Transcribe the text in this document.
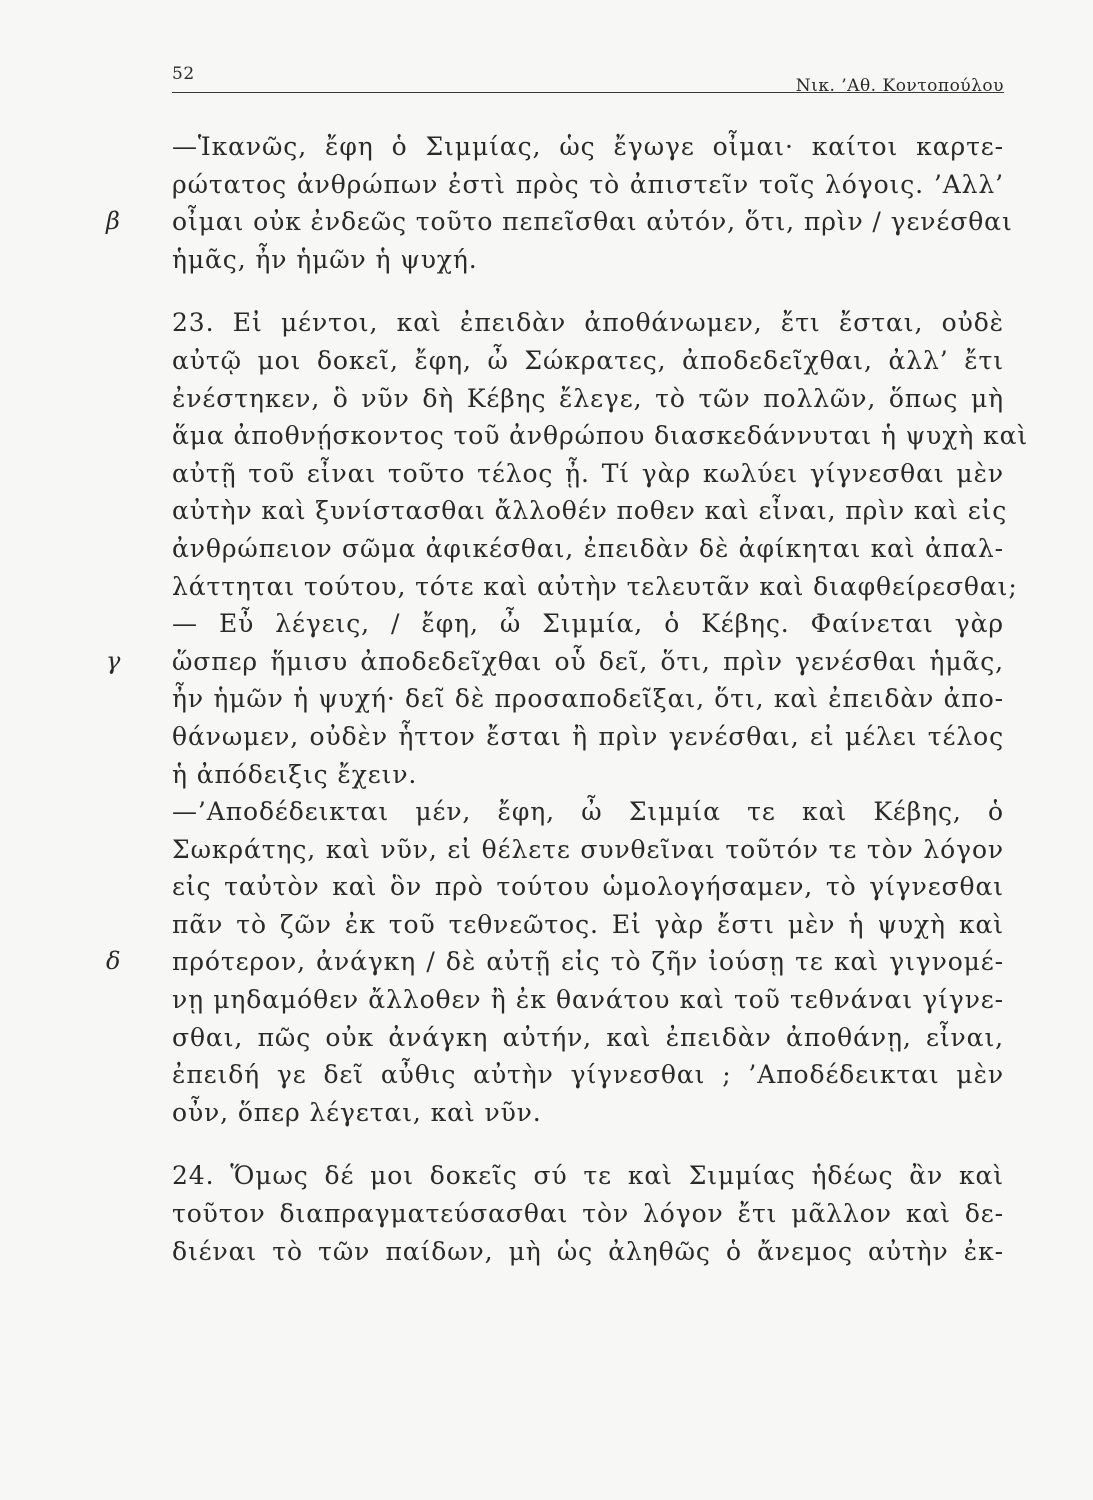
52
Νικ. ’Αθ. Κοντοπούλου
—Ἱκανῶς, ἔφη ὁ Σιμμίας, ὡς ἔγωγε οἶμαι· καίτοι καρτε-
ρώτατος ἀνθρώπων ἐστὶ πρὸς τὸ ἀπιστεῖν τοῖς λόγοις. ’Αλλ’
οἶμαι οὐκ ἐνδεῶς τοῦτο πεπεῖσθαι αὐτόν, ὅτι, πρὶν / γενέσθαι
β
ἡμᾶς, ἦν ἡμῶν ἡ ψυχή.
23. Εἰ μέντοι, καὶ ἐπειδὰν ἀποθάνωμεν, ἔτι ἔσται, οὐδὲ
αὐτῷ μοι δοκεῖ, ἔφη, ὦ Σώκρατες, ἀποδεδεῖχθαι, ἀλλ’ ἔτι
ἐνέστηκεν, ὃ νῦν δὴ Κέβης ἔλεγε, τὸ τῶν πολλῶν, ὅπως μὴ
ἅμα ἀποθνῄσκοντος τοῦ ἀνθρώπου διασκεδάννυται ἡ ψυχὴ καὶ
αὐτῇ τοῦ εἶναι τοῦτο τέλος ᾖ. Τί γὰρ κωλύει γίγνεσθαι μὲν
αὐτὴν καὶ ξυνίστασθαι ἄλλοθέν ποθεν καὶ εἶναι, πρὶν καὶ εἰς
ἀνθρώπειον σῶμα ἀφικέσθαι, ἐπειδὰν δὲ ἀφίκηται καὶ ἀπαλ-
λάττηται τούτου, τότε καὶ αὐτὴν τελευτᾶν καὶ διαφθείρεσθαι;
— Εὖ λέγεις, / ἔφη, ὦ Σιμμία, ὁ Κέβης. Φαίνεται γὰρ
ὥσπερ ἥμισυ ἀποδεδεῖχθαι οὗ δεῖ, ὅτι, πρὶν γενέσθαι ἡμᾶς,
γ
ἦν ἡμῶν ἡ ψυχή· δεῖ δὲ προσαποδεῖξαι, ὅτι, καὶ ἐπειδὰν ἀπο-
θάνωμεν, οὐδὲν ἧττον ἔσται ἢ πρὶν γενέσθαι, εἰ μέλει τέλος
ἡ ἀπόδειξις ἔχειν.
—’Αποδέδεικται μέν, ἔφη, ὦ Σιμμία τε καὶ Κέβης, ὁ
Σωκράτης, καὶ νῦν, εἰ θέλετε συνθεῖναι τοῦτόν τε τὸν λόγον
εἰς ταὐτὸν καὶ ὃν πρὸ τούτου ὡμολογήσαμεν, τὸ γίγνεσθαι
πᾶν τὸ ζῶν ἐκ τοῦ τεθνεῶτος. Εἰ γὰρ ἔστι μὲν ἡ ψυχὴ καὶ
πρότερον, ἀνάγκη / δὲ αὐτῇ εἰς τὸ ζῆν ἰούσῃ τε καὶ γιγνομέ-
δ
νῃ μηδαμόθεν ἄλλοθεν ἢ ἐκ θανάτου καὶ τοῦ τεθνάναι γίγνε-
σθαι, πῶς οὐκ ἀνάγκη αὐτήν, καὶ ἐπειδὰν ἀποθάνῃ, εἶναι,
ἐπειδή γε δεῖ αὖθις αὐτὴν γίγνεσθαι ; ’Αποδέδεικται μὲν
οὖν, ὅπερ λέγεται, καὶ νῦν.
24. Ὅμως δέ μοι δοκεῖς σύ τε καὶ Σιμμίας ἡδέως ἂν καὶ
τοῦτον διαπραγματεύσασθαι τὸν λόγον ἔτι μᾶλλον καὶ δε-
διέναι τὸ τῶν παίδων, μὴ ὡς ἀληθῶς ὁ ἄνεμος αὐτὴν ἐκ-
